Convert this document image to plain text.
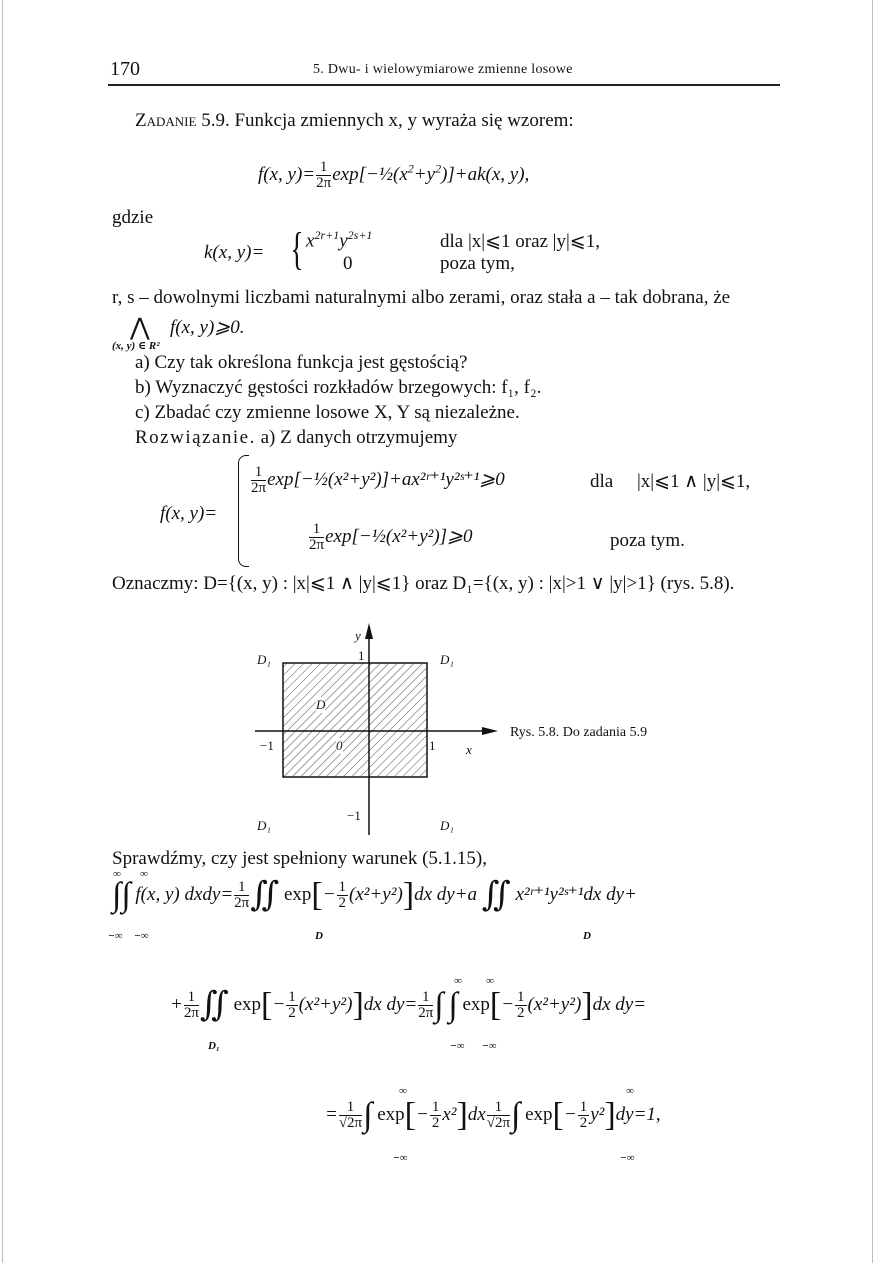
170	5. Dwu- i wielowymiarowe zmienne losowe
Zadanie 5.9. Funkcja zmiennych x, y wyraża się wzorem:
f(x, $y)= \frac{1}{2\pi}$ $\exp[-\frac{1}{2}(x^2+y^2)]+ak(x$, y),
gdzie
k(x, y)= { $x^{2r+1}y^{2s+1}$	dla |x|⩽1 oraz |y|⩽1,
0	poza tym,
r, s – dowolnymi liczbami naturalnymi albo zerami, oraz stała a – tak dobrana, że
⋀ f(x, y)⩾0.
(x, y) ∈ R²
a) Czy tak określona funkcja jest gęstością?
b) Wyznaczyć gęstości rozkładów brzegowych: f₁, f₂.
c) Zbadać czy zmienne losowe X, Y są niezależne.
Rozwiązanie. a) Z danych otrzymujemy
f(x, y)=
$\frac{1}{2\pi}$ exp[−½(x²+y²)]+ax²ʳ⁺¹y²ˢ⁺¹⩾0	dla |x|⩽1 ∧ |y|⩽1,
$\frac{1}{2\pi}$ exp[−½(x²+y²)]⩾0	poza tym.
Oznaczmy: D={(x, y) : |x|⩽1 ∧ |y|⩽1} oraz D₁={(x, y) : |x|>1 ∨ |y|>1} (rys. 5.8).
y
1
D₁	D₁
D
−1	0	1 x
−1
D₁	D₁
Rys. 5.8. Do zadania 5.9
Sprawdźmy, czy jest spełniony warunek (5.1.15),
∫∫ f(x, y) dxdy= $\frac{1}{2\pi}$ ∬ $\exp[- \frac{1}{2} (x^2+y^2)]dx$ dy+a ∬ x²ʳ⁺¹y²ˢ⁺¹dx dy+
∞ ∞
−∞ −∞	D	D
+ $\frac{1}{2\pi}$ ∬ $\exp[- \frac{1}{2} (x^2+y^2)]dx$ $dy= \frac{1}{2\pi}$ ∫ ∫ $\exp[- \frac{1}{2} (x^2+y^2)]dx$ dy=
D₁
∞ ∞
−∞ −∞
= $\frac{1}{√2\pi}$ ∫ $\exp[- \frac{1}{2} x^2]dx \frac{1}{√2\pi}$ ∫ $\exp[- \frac{1}{2} y^2]dy=1$,
∞
−∞
∞
−∞
